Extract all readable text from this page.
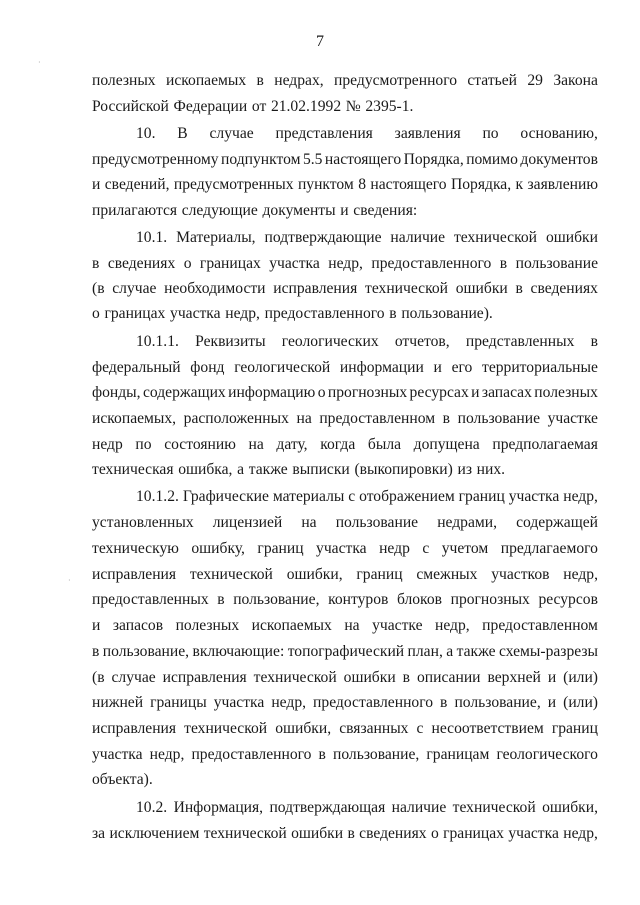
7
полезных ископаемых в недрах, предусмотренного статьей 29 Закона
Российской Федерации от 21.02.1992 № 2395-1.
10. В случае представления заявления по основанию,
предусмотренному подпунктом 5.5 настоящего Порядка, помимо документов
и сведений, предусмотренных пунктом 8 настоящего Порядка, к заявлению
прилагаются следующие документы и сведения:
10.1. Материалы, подтверждающие наличие технической ошибки
в сведениях о границах участка недр, предоставленного в пользование
(в случае необходимости исправления технической ошибки в сведениях
о границах участка недр, предоставленного в пользование).
10.1.1. Реквизиты геологических отчетов, представленных в
федеральный фонд геологической информации и его территориальные
фонды, содержащих информацию о прогнозных ресурсах и запасах полезных
ископаемых, расположенных на предоставленном в пользование участке
недр по состоянию на дату, когда была допущена предполагаемая
техническая ошибка, а также выписки (выкопировки) из них.
10.1.2. Графические материалы с отображением границ участка недр,
установленных лицензией на пользование недрами, содержащей
техническую ошибку, границ участка недр с учетом предлагаемого
исправления технической ошибки, границ смежных участков недр,
предоставленных в пользование, контуров блоков прогнозных ресурсов
и запасов полезных ископаемых на участке недр, предоставленном
в пользование, включающие: топографический план, а также схемы-разрезы
(в случае исправления технической ошибки в описании верхней и (или)
нижней границы участка недр, предоставленного в пользование, и (или)
исправления технической ошибки, связанных с несоответствием границ
участка недр, предоставленного в пользование, границам геологического
объекта).
10.2. Информация, подтверждающая наличие технической ошибки,
за исключением технической ошибки в сведениях о границах участка недр,
·
·
